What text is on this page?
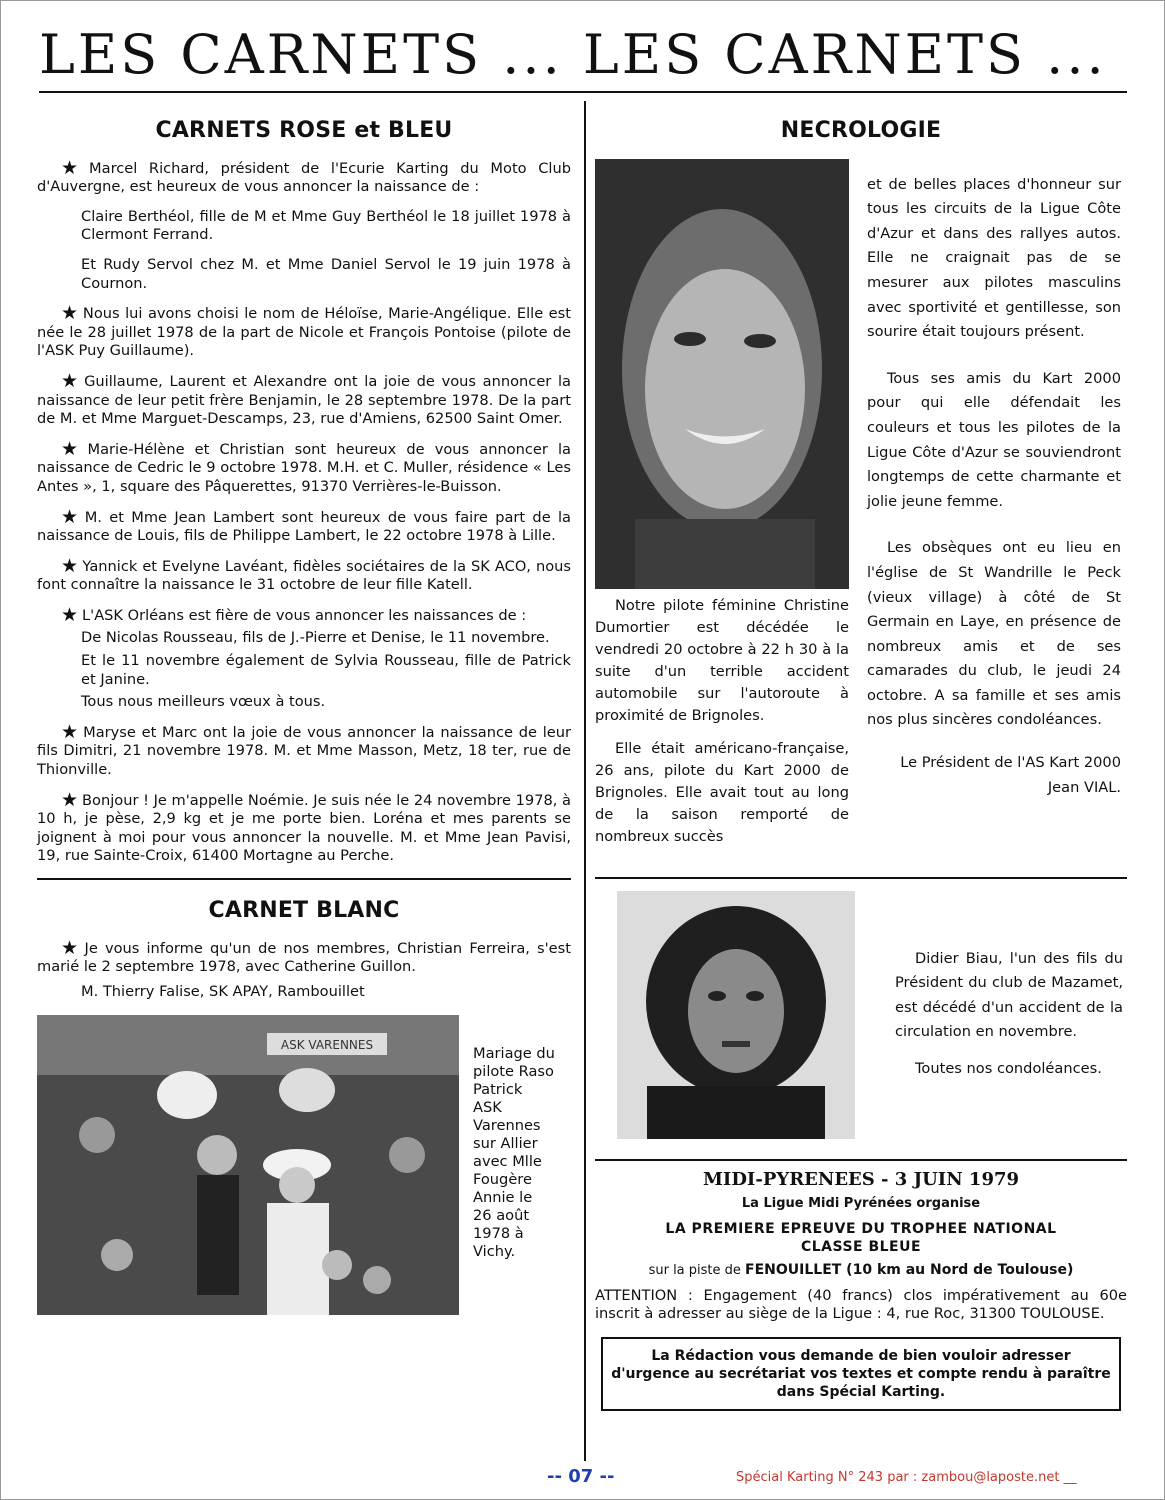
LES CARNETS ... LES CARNETS ...
CARNETS ROSE et BLEU

★ Marcel Richard, président de l'Ecurie Karting du Moto Club d'Auvergne, est heureux de vous annoncer la naissance de :

Claire Berthéol, fille de M et Mme Guy Berthéol le 18 juillet 1978 à Clermont Ferrand.

Et Rudy Servol chez M. et Mme Daniel Servol le 19 juin 1978 à Cournon.

★ Nous lui avons choisi le nom de Héloïse, Marie-Angélique. Elle est née le 28 juillet 1978 de la part de Nicole et François Pontoise (pilote de l'ASK Puy Guillaume).

★ Guillaume, Laurent et Alexandre ont la joie de vous annoncer la naissance de leur petit frère Benjamin, le 28 septembre 1978. De la part de M. et Mme Marguet-Descamps, 23, rue d'Amiens, 62500 Saint Omer.

★ Marie-Hélène et Christian sont heureux de vous annoncer la naissance de Cedric le 9 octobre 1978. M.H. et C. Muller, résidence « Les Antes », 1, square des Pâquerettes, 91370 Verrières-le-Buisson.

★ M. et Mme Jean Lambert sont heureux de vous faire part de la naissance de Louis, fils de Philippe Lambert, le 22 octobre 1978 à Lille.

★ Yannick et Evelyne Lavéant, fidèles sociétaires de la SK ACO, nous font connaître la naissance le 31 octobre de leur fille Katell.

★ L'ASK Orléans est fière de vous annoncer les naissances de :

De Nicolas Rousseau, fils de J.-Pierre et Denise, le 11 novembre.

Et le 11 novembre également de Sylvia Rousseau, fille de Patrick et Janine.

Tous nous meilleurs vœux à tous.

★ Maryse et Marc ont la joie de vous annoncer la naissance de leur fils Dimitri, 21 novembre 1978. M. et Mme Masson, Metz, 18 ter, rue de Thionville.

★ Bonjour ! Je m'appelle Noémie. Je suis née le 24 novembre 1978, à 10 h, je pèse, 2,9 kg et je me porte bien. Loréna et mes parents se joignent à moi pour vous annoncer la nouvelle. M. et Mme Jean Pavisi, 19, rue Sainte-Croix, 61400 Mortagne au Perche.

CARNET BLANC

★ Je vous informe qu'un de nos membres, Christian Ferreira, s'est marié le 2 septembre 1978, avec Catherine Guillon.

M. Thierry Falise, SK APAY, Rambouillet

ASK VARENNES	Mariage du pilote Raso Patrick ASK Varennes sur Allier avec Mlle Fougère Annie le 26 août 1978 à Vichy.
NECROLOGIE

Notre pilote féminine Christine Dumortier est décédée le vendredi 20 octobre à 22 h 30 à la suite d'un terrible accident automobile sur l'autoroute à proximité de Brignoles.

Elle était américano-française, 26 ans, pilote du Kart 2000 de Brignoles. Elle avait tout au long de la saison remporté de nombreux succès

et de belles places d'honneur sur tous les circuits de la Ligue Côte d'Azur et dans des rallyes autos. Elle ne craignait pas de se mesurer aux pilotes masculins avec sportivité et gentillesse, son sourire était toujours présent.

Tous ses amis du Kart 2000 pour qui elle défendait les couleurs et tous les pilotes de la Ligue Côte d'Azur se souviendront longtemps de cette charmante et jolie jeune femme.

Les obsèques ont eu lieu en l'église de St Wandrille le Peck (vieux village) à côté de St Germain en Laye, en présence de nombreux amis et de ses camarades du club, le jeudi 24 octobre. A sa famille et ses amis nos plus sincères condoléances.

Le Président de l'AS Kart 2000

Jean VIAL.

Didier Biau, l'un des fils du Président du club de Mazamet, est décédé d'un accident de la circulation en novembre.

Toutes nos condoléances.

MIDI-PYRENEES - 3 JUIN 1979
La Ligue Midi Pyrénées organise
LA PREMIERE EPREUVE DU TROPHEE NATIONAL
CLASSE BLEUE
sur la piste de FENOUILLET (10 km au Nord de Toulouse)

ATTENTION : Engagement (40 francs) clos impérativement au 60e inscrit à adresser au siège de la Ligue : 4, rue Roc, 31300 TOULOUSE.

La Rédaction vous demande de bien vouloir adresser d'urgence au secrétariat vos textes et compte rendu à paraître dans Spécial Karting.
-- 07 --	Spécial Karting N° 243 par : zambou@laposte.net __
